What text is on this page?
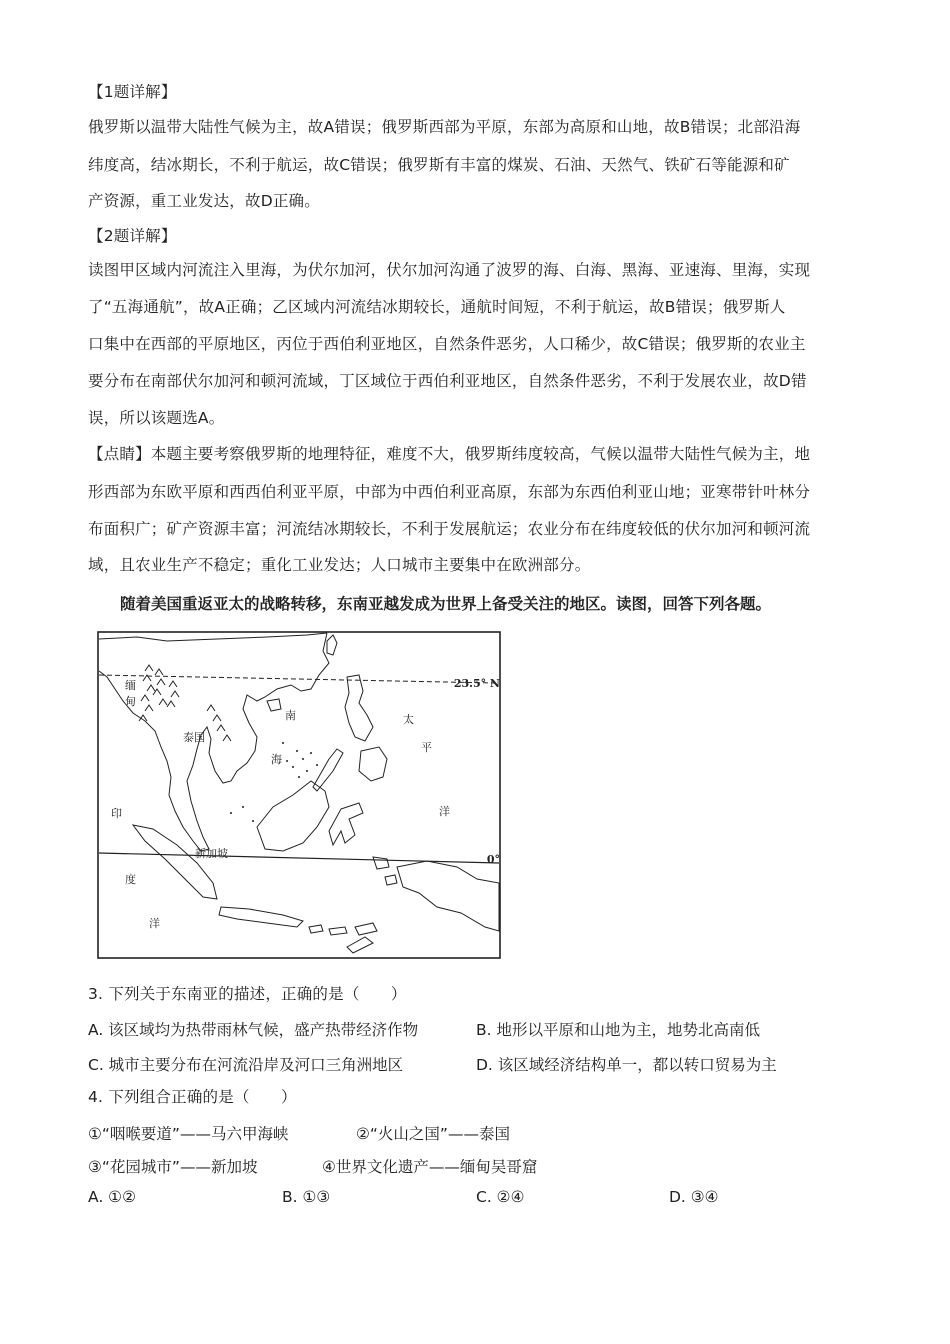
【1题详解】
俄罗斯以温带大陆性气候为主，故A错误；俄罗斯西部为平原，东部为高原和山地，故B错误；北部沿海
纬度高，结冰期长，不利于航运，故C错误；俄罗斯有丰富的煤炭、石油、天然气、铁矿石等能源和矿
产资源，重工业发达，故D正确。
【2题详解】
读图甲区域内河流注入里海，为伏尔加河，伏尔加河沟通了波罗的海、白海、黑海、亚速海、里海，实现
了“五海通航”，故A正确；乙区域内河流结冰期较长，通航时间短，不利于航运，故B错误；俄罗斯人
口集中在西部的平原地区，丙位于西伯利亚地区，自然条件恶劣，人口稀少，故C错误；俄罗斯的农业主
要分布在南部伏尔加河和顿河流域，丁区域位于西伯利亚地区，自然条件恶劣，不利于发展农业，故D错
误，所以该题选A。
【点睛】本题主要考察俄罗斯的地理特征，难度不大，俄罗斯纬度较高，气候以温带大陆性气候为主，地
形西部为东欧平原和西西伯利亚平原，中部为中西伯利亚高原，东部为东西伯利亚山地；亚寒带针叶林分
布面积广；矿产资源丰富；河流结冰期较长，不利于发展航运；农业分布在纬度较低的伏尔加河和顿河流
域，且农业生产不稳定；重化工业发达；人口城市主要集中在欧洲部分。
随着美国重返亚太的战略转移，东南亚越发成为世界上备受关注的地区。读图，回答下列各题。
23.5° N
0°
缅
甸
泰国
新加坡
南
海
太
平
洋
印
度
洋
3. 下列关于东南亚的描述，正确的是（　　）
A. 该区域均为热带雨林气候，盛产热带经济作物	B. 地形以平原和山地为主，地势北高南低
C. 城市主要分布在河流沿岸及河口三角洲地区	D. 该区域经济结构单一，都以转口贸易为主
4. 下列组合正确的是（　　）
①“咽喉要道”——马六甲海峡	②“火山之国”——泰国
③“花园城市”——新加坡	④世界文化遗产——缅甸吴哥窟
A. ①②	B. ①③	C. ②④	D. ③④
